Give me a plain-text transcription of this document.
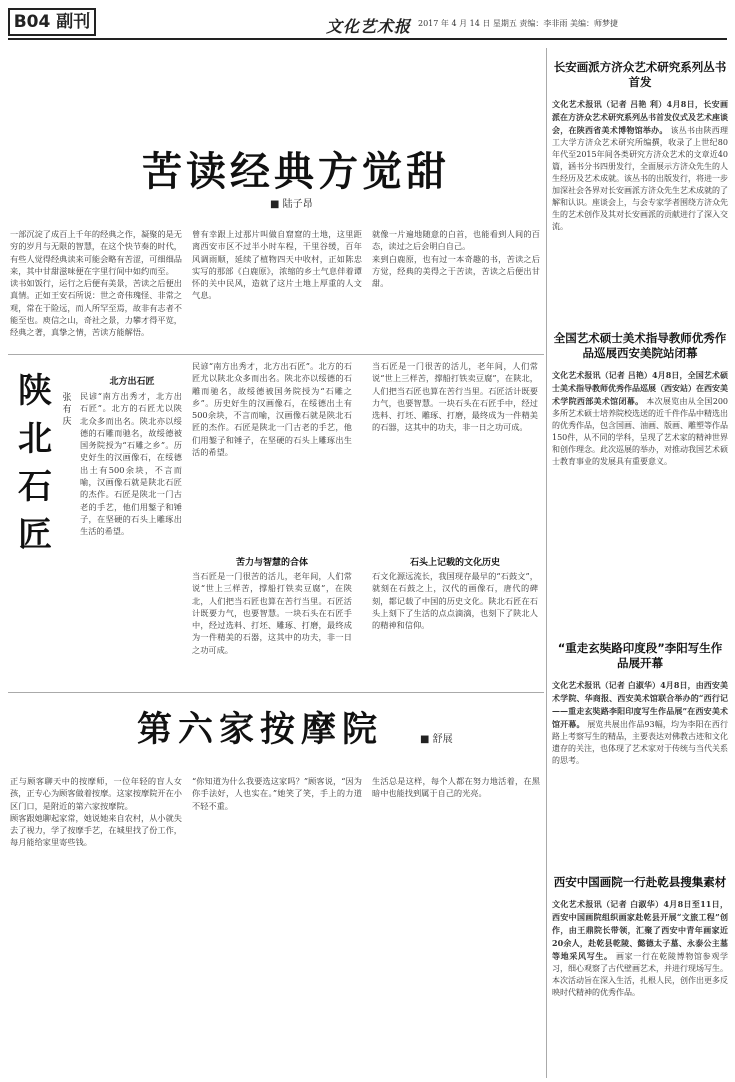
B04 副刊	文化艺术报 2017 年 4 月 14 日 星期五 责编：李非雨 美编：师梦捷
苦读经典方觉甜
■ 陆子昂

一部沉淀了成百上千年的经典之作，凝聚的是无穷的岁月与无限的智慧，在这个快节奏的时代，有些人觉得经典读来可能会略有苦涩，可细细品来，其中甘甜滋味便在字里行间中如约而至。

读书如饭行，运行之后便有美景，苦读之后便出真情。正如王安石所说：世之奇伟瑰怪、非常之观，常在于险远，而人所罕至焉，故非有志者不能至也。庾信之山，奇社之景，力攀才得平览，经典之著，真挚之情，苦读方能解悟。

曾有幸跟上过那片叫做自窟窟的土地，这里距离西安市区不过半小时车程，干里谷缓，百年风调雨顺，延续了植物四天中收村，正如陈忠实写的那部《白鹿原》，浓缩的乡土气息伴着谭怀的关中民风，造就了这片土地上厚重的人文气息。

就像一片遍地随意的白首，也能看到人间的百态，读过之后会明白自己。

来到白鹿原，也有过一本奇趣的书，苦读之后方觉，经典的美得之于苦读，苦读之后便出甘甜。

长安画派方济众艺术研究系列丛书首发
文化艺术报讯（记者 吕艳 利）4月8日，长安画派在方济众艺术研究系列丛书首发仪式及艺术座谈会，在陕西省美术博物馆举办。 该丛书由陕西理工大学方济众艺术研究所编撰，收录了上世纪80年代至2015年间各类研究方济众艺术的文章近40篇，涵书分书四册发行，全面展示方济众先生的人生经历及艺术成就。该丛书的出版发行，将进一步加深社会各界对长安画派方济众先生艺术成就的了解和认识。座谈会上，与会专家学者围绕方济众先生的艺术创作及其对长安画派的贡献进行了深入交流。
全国艺术硕士美术指导教师优秀作品巡展西安美院站闭幕
文化艺术报讯（记者 吕艳）4月8日，全国艺术硕士美术指导教师优秀作品巡展（西安站）在西安美术学院西部美术馆闭幕。 本次展览由从全国200多所艺术硕士培养院校选送的近千件作品中精选出的优秀作品，包含国画、油画、版画、雕塑等作品150件，从不同的学科，呈现了艺术家的精神世界和创作理念。此次巡展的举办，对推动我国艺术硕士教育事业的发展具有重要意义。
“重走玄奘路印度段”李阳写生作品展开幕
文化艺术报讯（记者 白淑华）4月8日，由西安美术学院、华商报、西安美术馆联合举办的“西行记——重走玄奘路李阳印度写生作品展”在西安美术馆开幕。 展览共展出作品93幅，均为李阳在西行路上考察写生的精品，主要表达对佛教古迹和文化遗存的关注，也体现了艺术家对于传统与当代关系的思考。
西安中国画院一行赴乾县搜集素材
文化艺术报讯（记者 白淑华）4月8日至11日，西安中国画院组织画家赴乾县开展“文旅工程”创作，由王鼎院长带领，汇聚了西安中青年画家近20余人，赴乾县乾陵、懿德太子墓、永泰公主墓等地采风写生。 画家一行在乾陵博物馆参观学习，细心观察了古代壁画艺术，并进行现场写生。本次活动旨在深入生活，扎根人民，创作出更多反映时代精神的优秀作品。
陕北石匠
张有庆
北方出石匠
民谚“南方出秀才，北方出石匠”。北方的石匠尤以陕北众多而出名。陕北亦以绥德的石雕而驰名，故绥德被国务院授为“石雕之乡”。历史好生的汉画像石，在绥德出土有500余块，不言而喻，汉画像石就是陕北石匠的杰作。石匠是陕北一门古老的手艺，他们用錾子和锤子，在坚硬的石头上雕琢出生活的希望。
苦力与智慧的合体
民谚“南方出秀才，北方出石匠”。北方的石匠尤以陕北众多而出名。陕北亦以绥德的石雕而驰名，故绥德被国务院授为“石雕之乡”。历史好生的汉画像石，在绥德出土有500余块，不言而喻，汉画像石就是陕北石匠的杰作。石匠是陕北一门古老的手艺，他们用錾子和锤子，在坚硬的石头上雕琢出生活的希望。
当石匠是一门很苦的活儿，老年间，人们常说“世上三样苦，撑船打铁卖豆腐”，在陕北，人们把当石匠也算在苦行当里。石匠活计既要力气，也要智慧。一块石头在石匠手中，经过选料、打坯、雕琢、打磨，最终成为一件精美的石器，这其中的功夫，非一日之功可成。
石头上记载的文化历史
当石匠是一门很苦的活儿，老年间，人们常说“世上三样苦，撑船打铁卖豆腐”，在陕北，人们把当石匠也算在苦行当里。石匠活计既要力气，也要智慧。一块石头在石匠手中，经过选料、打坯、雕琢、打磨，最终成为一件精美的石器，这其中的功夫，非一日之功可成。
石文化源远流长，我国现存最早的“石鼓文”，就刻在石鼓之上，汉代的画像石，唐代的碑刻，都记载了中国的历史文化。陕北石匠在石头上刻下了生活的点点滴滴，也刻下了陕北人的精神和信仰。
第六家按摩院	■ 舒展

正与顾客聊天中的按摩师，一位年轻的盲人女孩，正专心为顾客做着按摩。这家按摩院开在小区门口，是附近的第六家按摩院。

顾客跟她聊起家常，她说她来自农村，从小就失去了视力，学了按摩手艺，在城里找了份工作，每月能给家里寄些钱。

“你知道为什么我要选这家吗？”顾客说，“因为你手法好，人也实在。”她笑了笑，手上的力道不轻不重。

生活总是这样，每个人都在努力地活着，在黑暗中也能找到属于自己的光亮。
